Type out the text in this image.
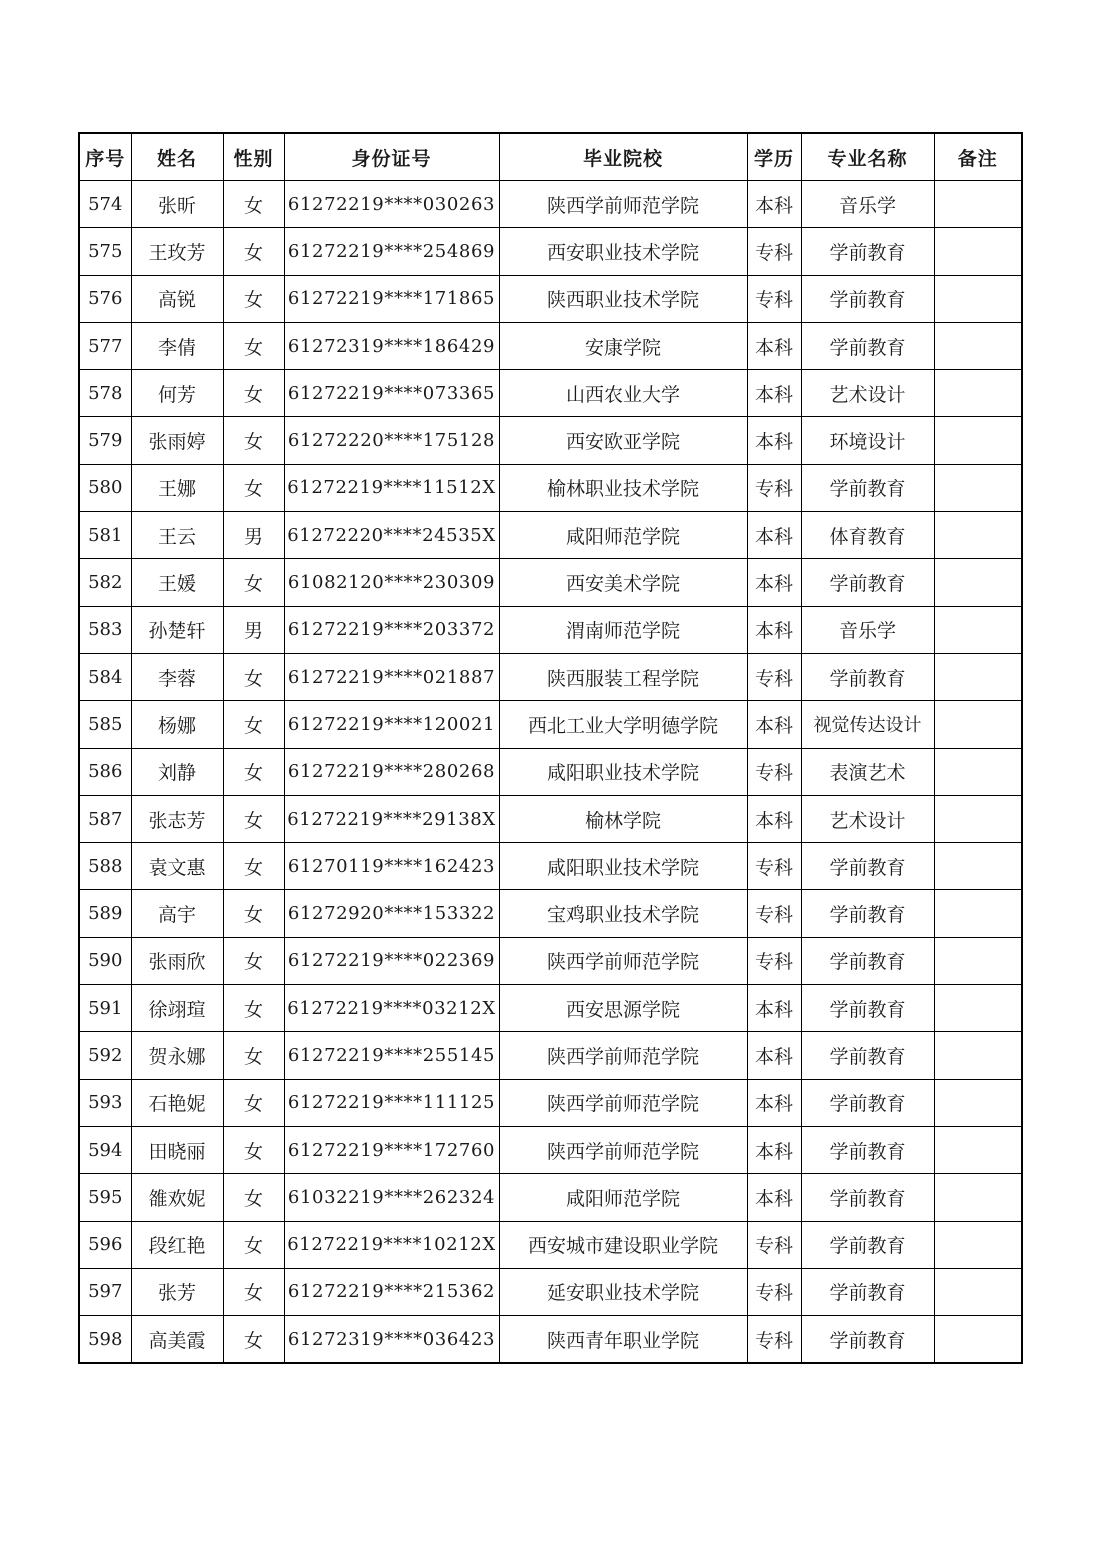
序号	姓名	性别	身份证号	毕业院校	学历	专业名称	备注
574	张昕	女	61272219****030263	陕西学前师范学院	本科	音乐学	
575	王玫芳	女	61272219****254869	西安职业技术学院	专科	学前教育	
576	高锐	女	61272219****171865	陕西职业技术学院	专科	学前教育	
577	李倩	女	61272319****186429	安康学院	本科	学前教育	
578	何芳	女	61272219****073365	山西农业大学	本科	艺术设计	
579	张雨婷	女	61272220****175128	西安欧亚学院	本科	环境设计	
580	王娜	女	61272219****11512X	榆林职业技术学院	专科	学前教育	
581	王云	男	61272220****24535X	咸阳师范学院	本科	体育教育	
582	王媛	女	61082120****230309	西安美术学院	本科	学前教育	
583	孙楚轩	男	61272219****203372	渭南师范学院	本科	音乐学	
584	李蓉	女	61272219****021887	陕西服装工程学院	专科	学前教育	
585	杨娜	女	61272219****120021	西北工业大学明德学院	本科	视觉传达设计	
586	刘静	女	61272219****280268	咸阳职业技术学院	专科	表演艺术	
587	张志芳	女	61272219****29138X	榆林学院	本科	艺术设计	
588	袁文惠	女	61270119****162423	咸阳职业技术学院	专科	学前教育	
589	高宇	女	61272920****153322	宝鸡职业技术学院	专科	学前教育	
590	张雨欣	女	61272219****022369	陕西学前师范学院	专科	学前教育	
591	徐翊瑄	女	61272219****03212X	西安思源学院	本科	学前教育	
592	贺永娜	女	61272219****255145	陕西学前师范学院	本科	学前教育	
593	石艳妮	女	61272219****111125	陕西学前师范学院	本科	学前教育	
594	田晓丽	女	61272219****172760	陕西学前师范学院	本科	学前教育	
595	雒欢妮	女	61032219****262324	咸阳师范学院	本科	学前教育	
596	段红艳	女	61272219****10212X	西安城市建设职业学院	专科	学前教育	
597	张芳	女	61272219****215362	延安职业技术学院	专科	学前教育	
598	高美霞	女	61272319****036423	陕西青年职业学院	专科	学前教育	
